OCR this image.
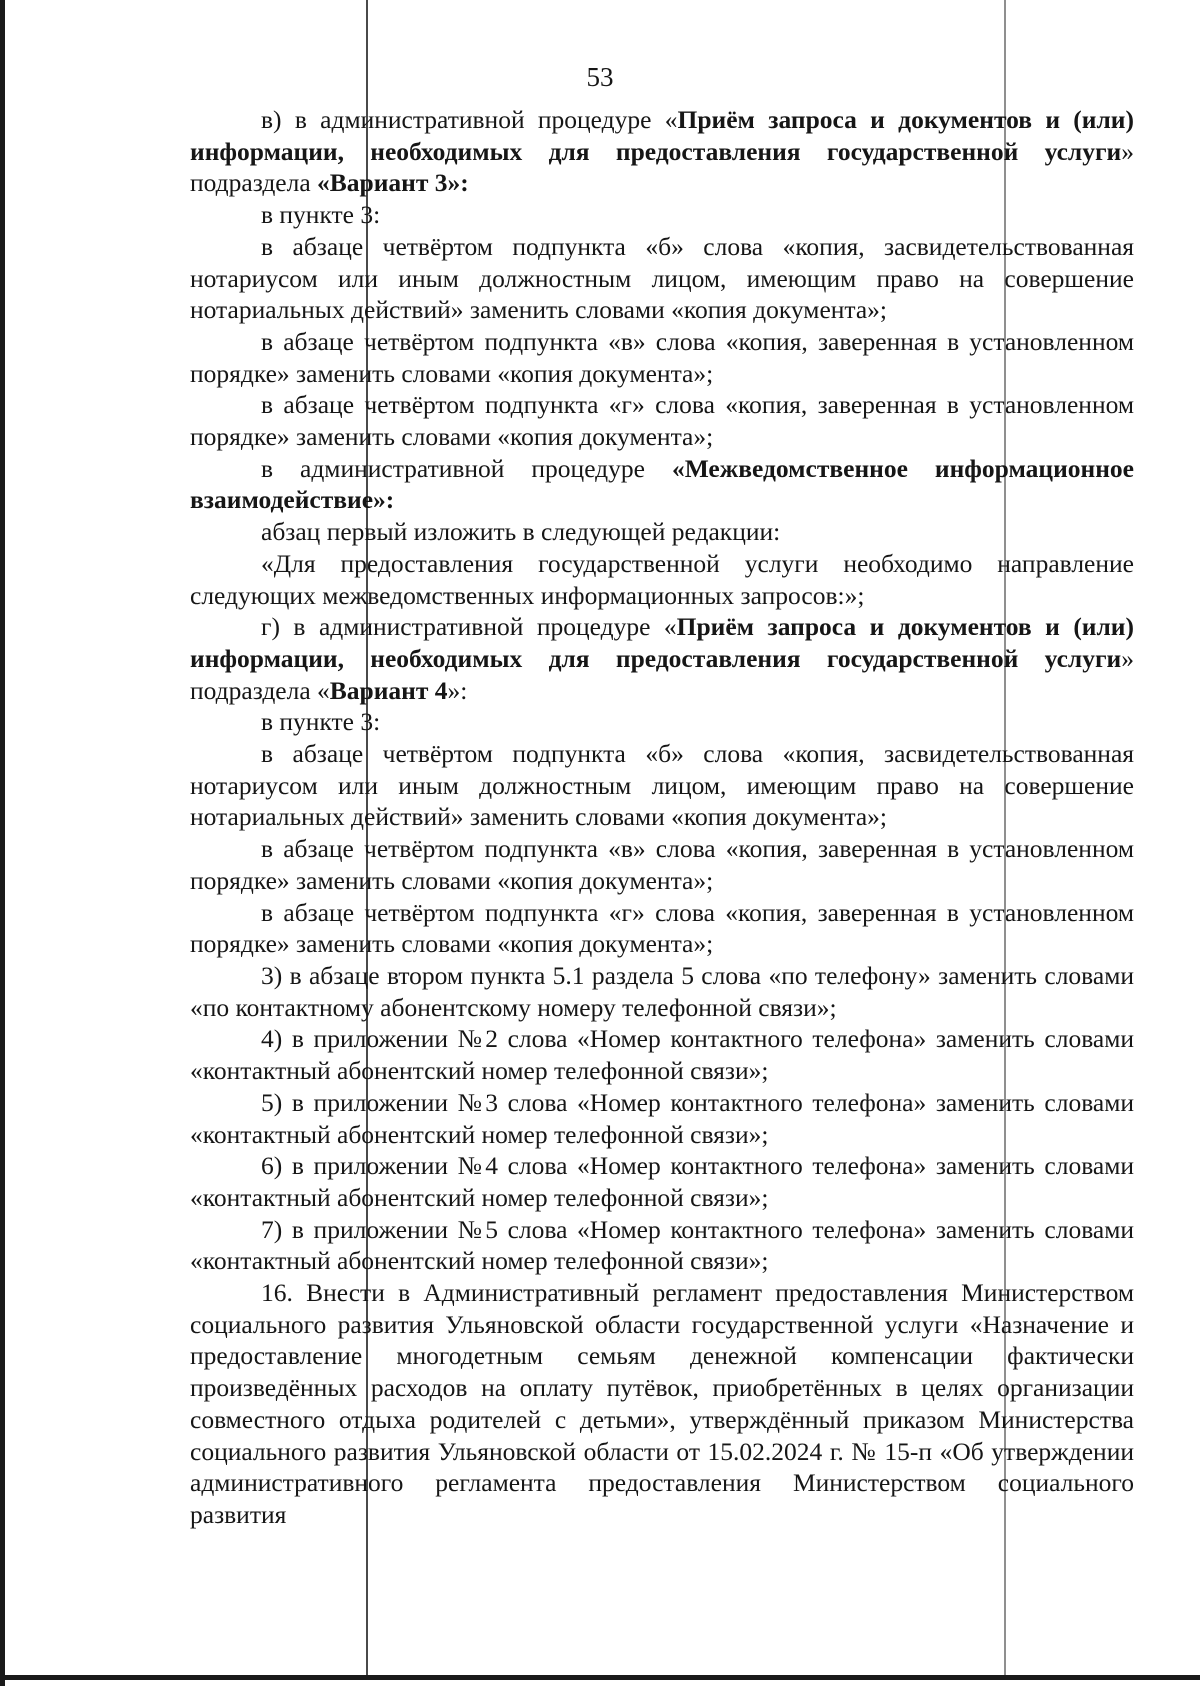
53

в) в административной процедуре «Приём запроса и документов и (или) информации, необходимых для предоставления государственной услуги» подраздела «Вариант 3»:

в пункте 3:

в абзаце четвёртом подпункта «б» слова «копия, засвидетельствованная нотариусом или иным должностным лицом, имеющим право на совершение нотариальных действий» заменить словами «копия документа»;

в абзаце четвёртом подпункта «в» слова «копия, заверенная в установленном порядке» заменить словами «копия документа»;

в абзаце четвёртом подпункта «г» слова «копия, заверенная в установленном порядке» заменить словами «копия документа»;

в административной процедуре «Межведомственное информационное взаимодействие»:

абзац первый изложить в следующей редакции:

«Для предоставления государственной услуги необходимо направление следующих межведомственных информационных запросов:»;

г) в административной процедуре «Приём запроса и документов и (или) информации, необходимых для предоставления государственной услуги» подраздела «Вариант 4»:

в пункте 3:

в абзаце четвёртом подпункта «б» слова «копия, засвидетельствованная нотариусом или иным должностным лицом, имеющим право на совершение нотариальных действий» заменить словами «копия документа»;

в абзаце четвёртом подпункта «в» слова «копия, заверенная в установленном порядке» заменить словами «копия документа»;

в абзаце четвёртом подпункта «г» слова «копия, заверенная в установленном порядке» заменить словами «копия документа»;

3) в абзаце втором пункта 5.1 раздела 5 слова «по телефону» заменить словами «по контактному абонентскому номеру телефонной связи»;

4) в приложении №2 слова «Номер контактного телефона» заменить словами «контактный абонентский номер телефонной связи»;

5) в приложении №3 слова «Номер контактного телефона» заменить словами «контактный абонентский номер телефонной связи»;

6) в приложении №4 слова «Номер контактного телефона» заменить словами «контактный абонентский номер телефонной связи»;

7) в приложении №5 слова «Номер контактного телефона» заменить словами «контактный абонентский номер телефонной связи»;

16. Внести в Административный регламент предоставления Министерством социального развития Ульяновской области государственной услуги «Назначение и предоставление многодетным семьям денежной компенсации фактически произведённых расходов на оплату путёвок, приобретённых в целях организации совместного отдыха родителей с детьми», утверждённый приказом Министерства социального развития Ульяновской области от 15.02.2024 г. № 15-п «Об утверждении административного регламента предоставления Министерством социального развития
